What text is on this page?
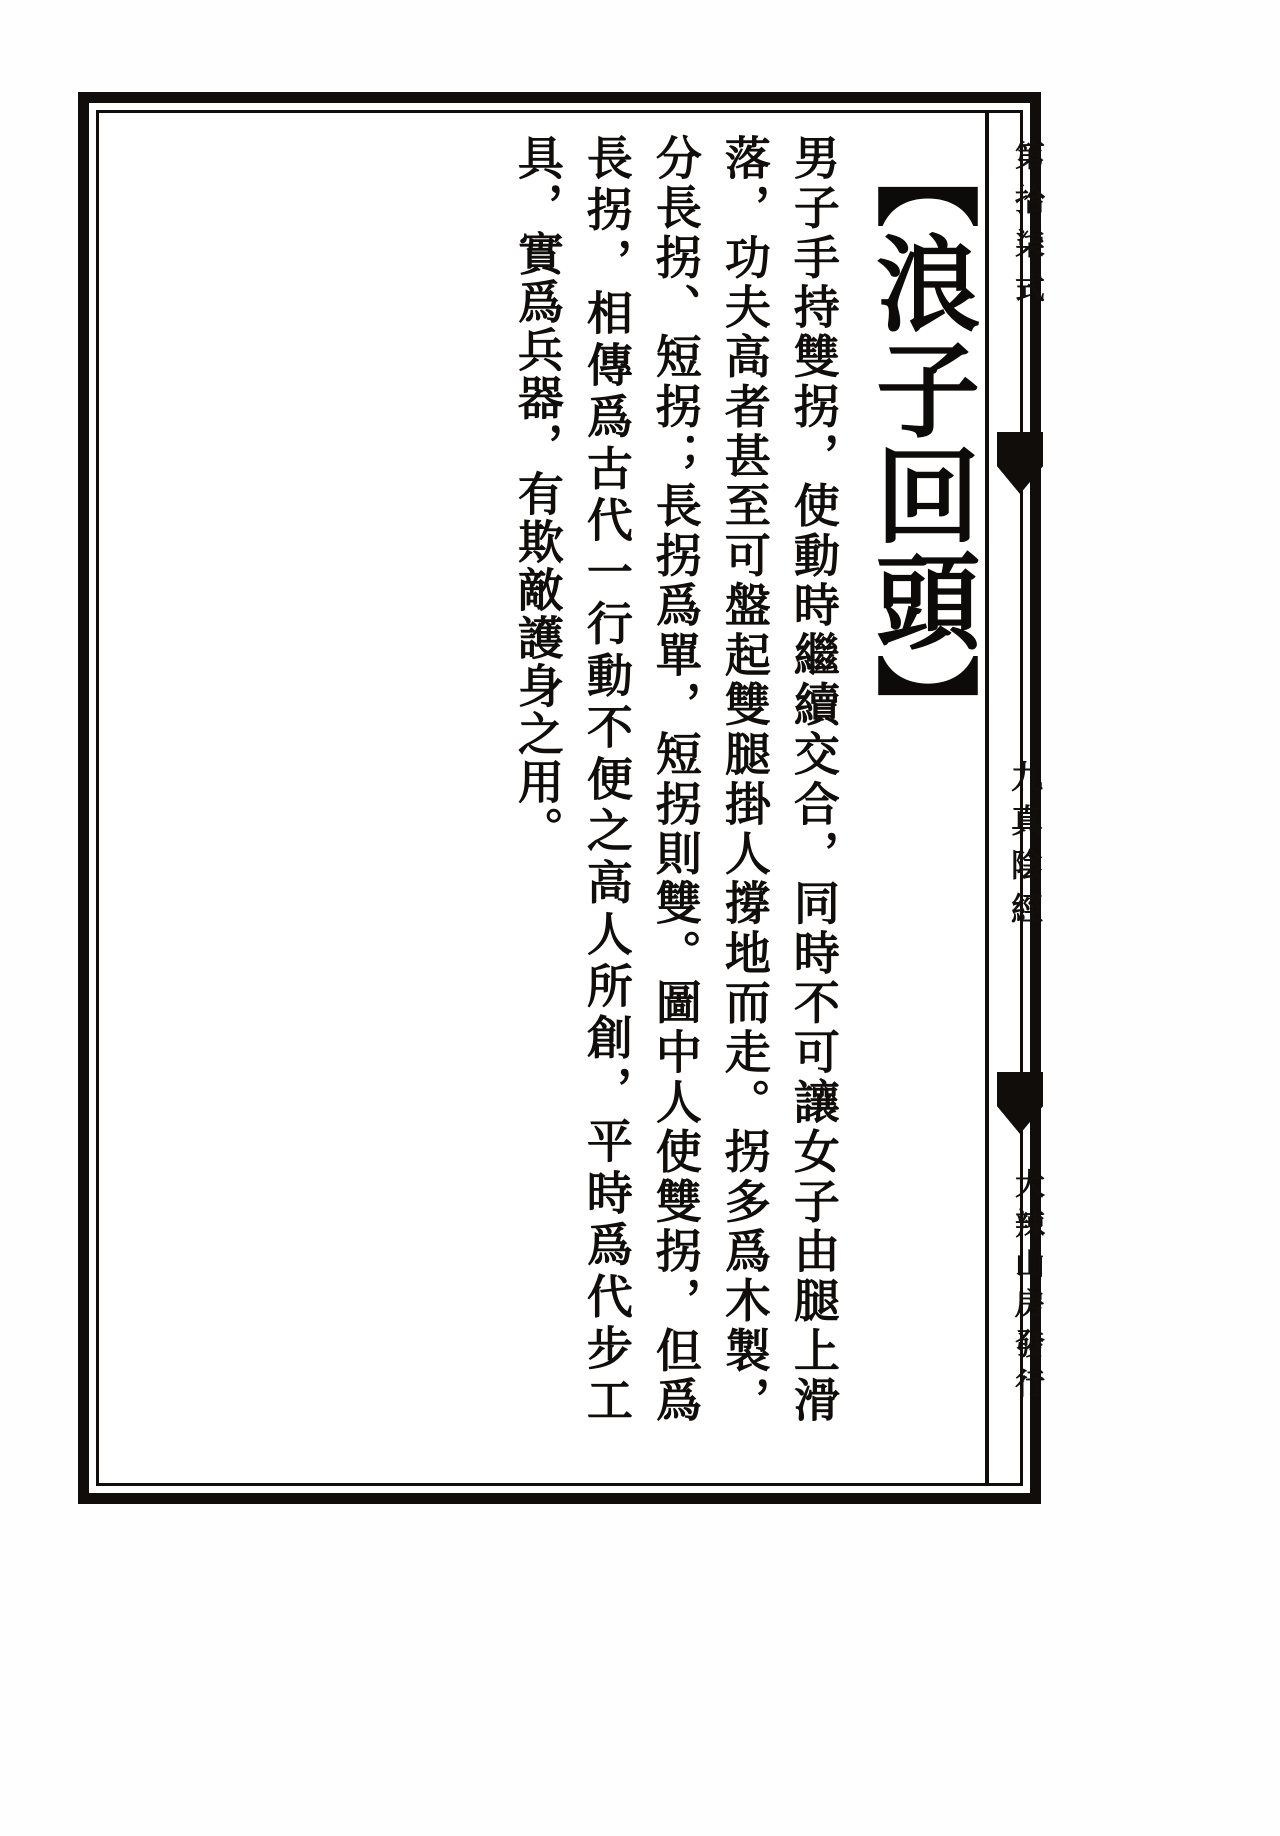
第拾柒式
九真陰經
大辣山房發行
【浪子回頭】
男子手持雙拐，使動時繼續交合，同時不可讓女子由腿上滑落，功夫高者甚至可盤起雙腿掛人撐地而走。拐多爲木製，分長拐、短拐；長拐爲單，短拐則雙。圖中人使雙拐，但爲長拐，相傳爲古代一行動不便之高人所創，平時爲代步工具，實爲兵器，有欺敵護身之用。
